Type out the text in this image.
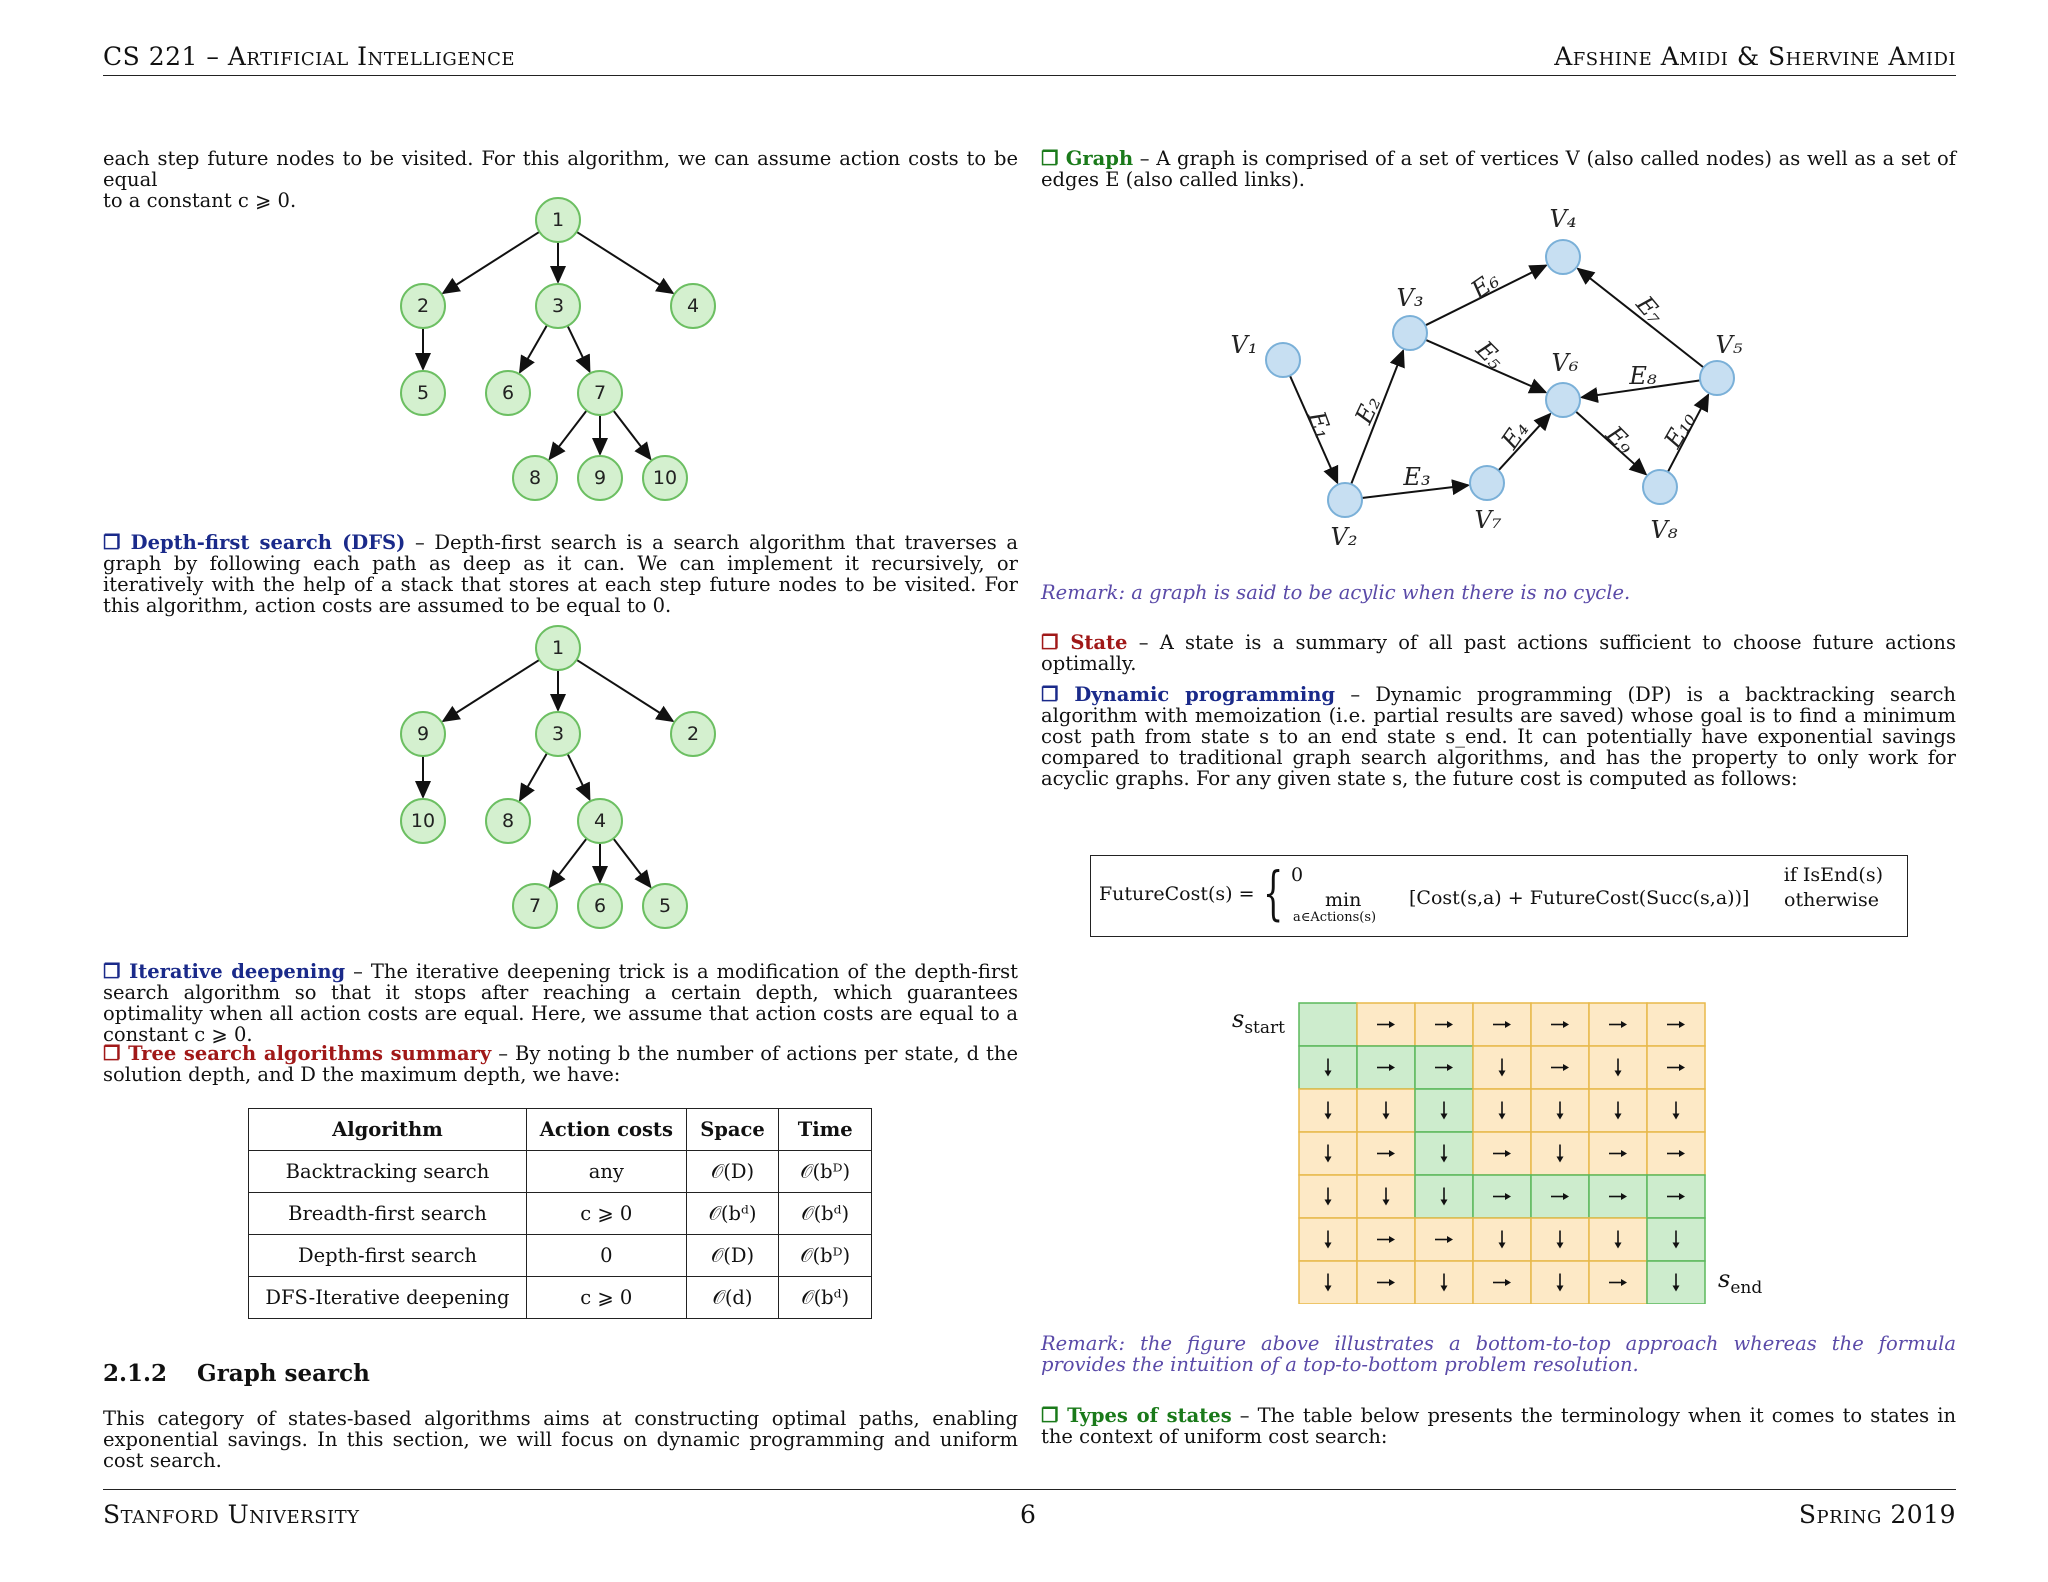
CS 221 – Artificial Intelligence	Afshine Amidi & Shervine Amidi

each step future nodes to be visited. For this algorithm, we can assume action costs to be equal

to a constant c ⩾ 0.

1
2	3	4
5	6	7
8	9 10
❐ Depth-first search (DFS) – Depth-first search is a search algorithm that traverses a graph by following each path as deep as it can. We can implement it recursively, or iteratively with the help of a stack that stores at each step future nodes to be visited. For this algorithm, action costs are assumed to be equal to 0.
1
9	3	2
10	8	4
7	6	5
❐ Iterative deepening – The iterative deepening trick is a modification of the depth-first search algorithm so that it stops after reaching a certain depth, which guarantees optimality when all action costs are equal. Here, we assume that action costs are equal to a constant c ⩾ 0.
❐ Tree search algorithms summary – By noting b the number of actions per state, d the solution depth, and D the maximum depth, we have:
Algorithm	Action costs	Space	Time
Backtracking search	any	𝒪(D)	𝒪(bᴰ)
Breadth-first search	c ⩾ 0	𝒪(bᵈ)	𝒪(bᵈ)
Depth-first search	0	𝒪(D)	𝒪(bᴰ)
DFS-Iterative deepening	c ⩾ 0	𝒪(d)	𝒪(bᵈ)
2.1.2 Graph search
This category of states-based algorithms aims at constructing optimal paths, enabling exponential savings. In this section, we will focus on dynamic programming and uniform cost search.
❐ Graph – A graph is comprised of a set of vertices V (also called nodes) as well as a set of edges E (also called links).
V₁
V₂
V₃
V₄
V₅
V₆
V₇	V₈
E₁ E₂
E₃
E₄
E₅
E₆
E₇
E₈
E₉ E₁₀
Remark: a graph is said to be acylic when there is no cycle.
❐ State – A state is a summary of all past actions sufficient to choose future actions optimally.
❐ Dynamic programming – Dynamic programming (DP) is a backtracking search algorithm with memoization (i.e. partial results are saved) whose goal is to find a minimum cost path from state s to an end state s_end. It can potentially have exponential savings compared to traditional graph search algorithms, and has the property to only work for acyclic graphs. For any given state s, the future cost is computed as follows:
FutureCost(s) = { 0	if IsEnd(s)
min
a∈Actions(s)
[Cost(s,a) + FutureCost(Succ(s,a))] otherwise
$s_{start}$
$s_{end}$
Remark: the figure above illustrates a bottom-to-top approach whereas the formula provides the intuition of a top-to-bottom problem resolution.
❐ Types of states – The table below presents the terminology when it comes to states in the context of uniform cost search:
Stanford University	6	Spring 2019
